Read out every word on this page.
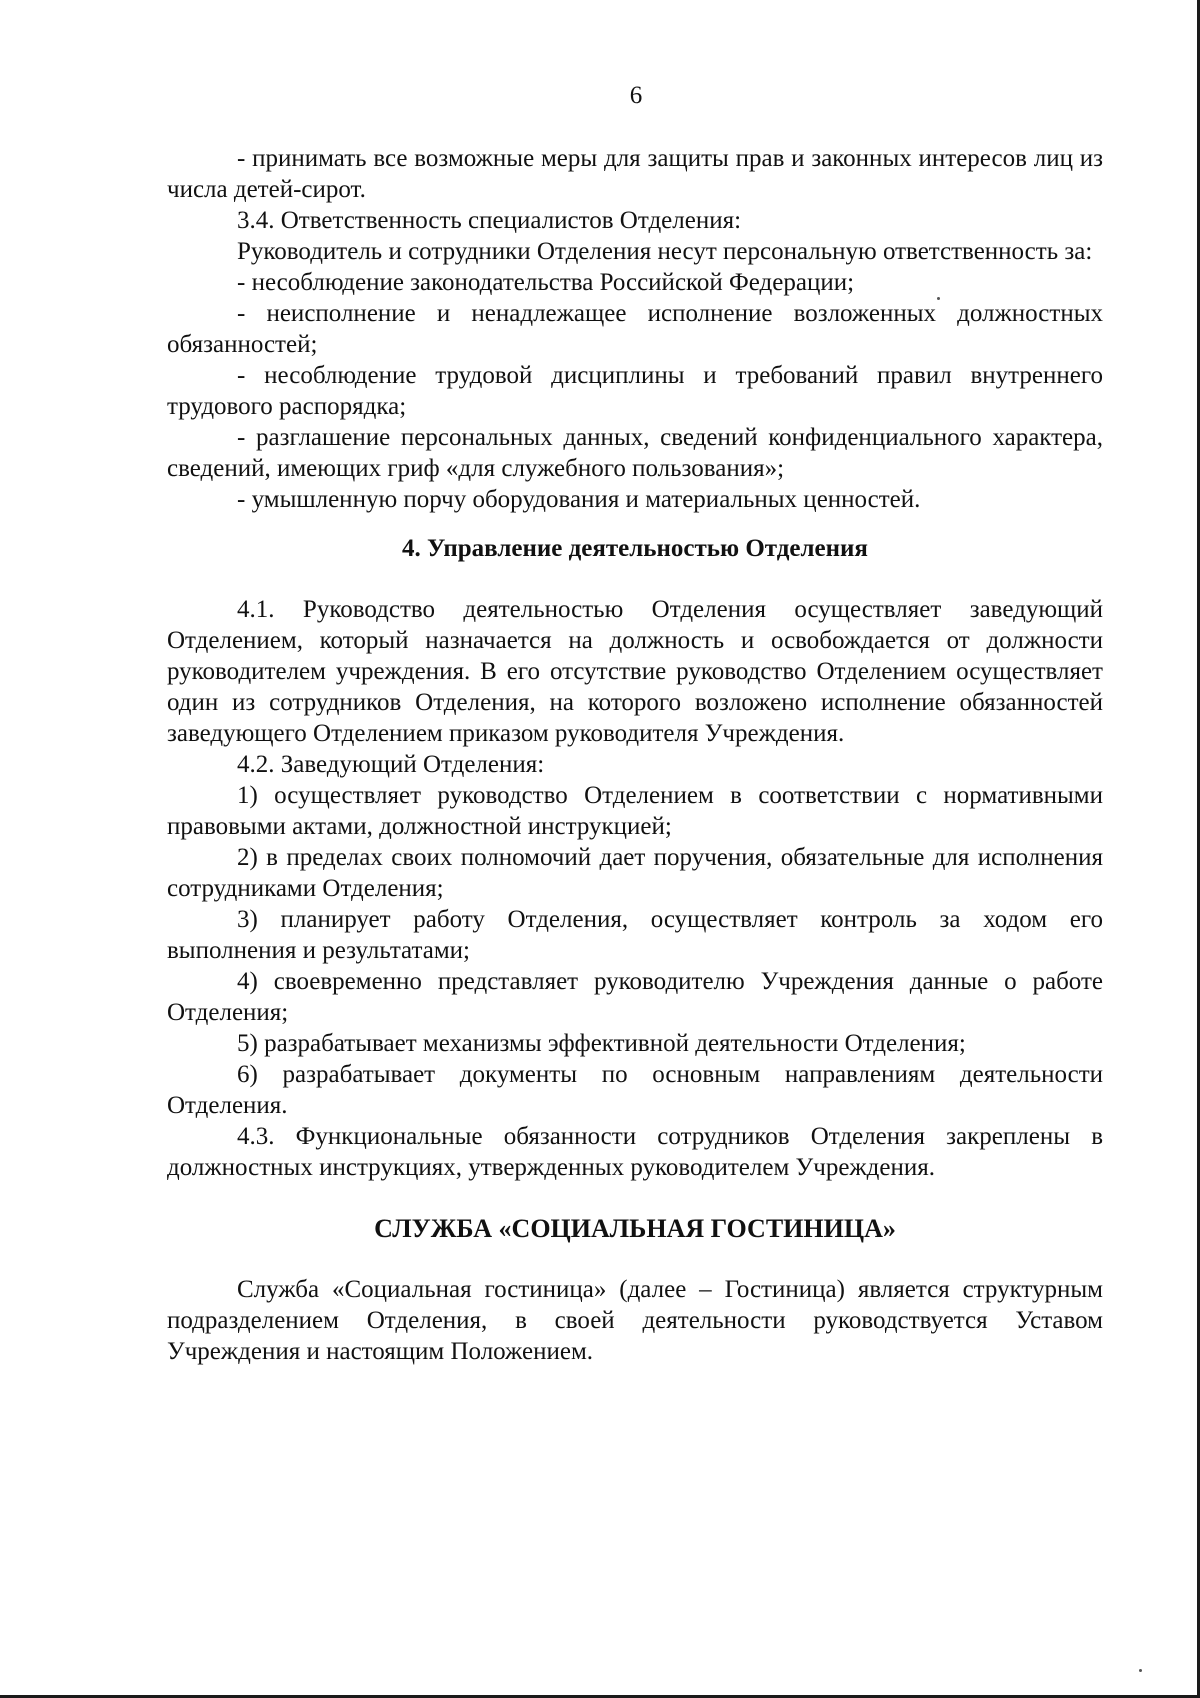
6

- принимать все возможные меры для защиты прав и законных интересов лиц из числа детей-сирот.

3.4. Ответственность специалистов Отделения:

Руководитель и сотрудники Отделения несут персональную ответственность за:

- несоблюдение законодательства Российской Федерации;

- неисполнение и ненадлежащее исполнение возложенных должностных обязанностей;

- несоблюдение трудовой дисциплины и требований правил внутреннего трудового распорядка;

- разглашение персональных данных, сведений конфиденциального характера, сведений, имеющих гриф «для служебного пользования»;

- умышленную порчу оборудования и материальных ценностей.

4. Управление деятельностью Отделения

4.1. Руководство деятельностью Отделения осуществляет заведующий Отделением, который назначается на должность и освобождается от должности руководителем учреждения. В его отсутствие руководство Отделением осуществляет один из сотрудников Отделения, на которого возложено исполнение обязанностей заведующего Отделением приказом руководителя Учреждения.

4.2. Заведующий Отделения:

1) осуществляет руководство Отделением в соответствии с нормативными правовыми актами, должностной инструкцией;

2) в пределах своих полномочий дает поручения, обязательные для исполнения сотрудниками Отделения;

3) планирует работу Отделения, осуществляет контроль за ходом его выполнения и результатами;

4) своевременно представляет руководителю Учреждения данные о работе Отделения;

5) разрабатывает механизмы эффективной деятельности Отделения;

6) разрабатывает документы по основным направлениям деятельности Отделения.

4.3. Функциональные обязанности сотрудников Отделения закреплены в должностных инструкциях, утвержденных руководителем Учреждения.

СЛУЖБА «СОЦИАЛЬНАЯ ГОСТИНИЦА»

Служба «Социальная гостиница» (далее – Гостиница) является структурным подразделением Отделения, в своей деятельности руководствуется Уставом Учреждения и настоящим Положением.
